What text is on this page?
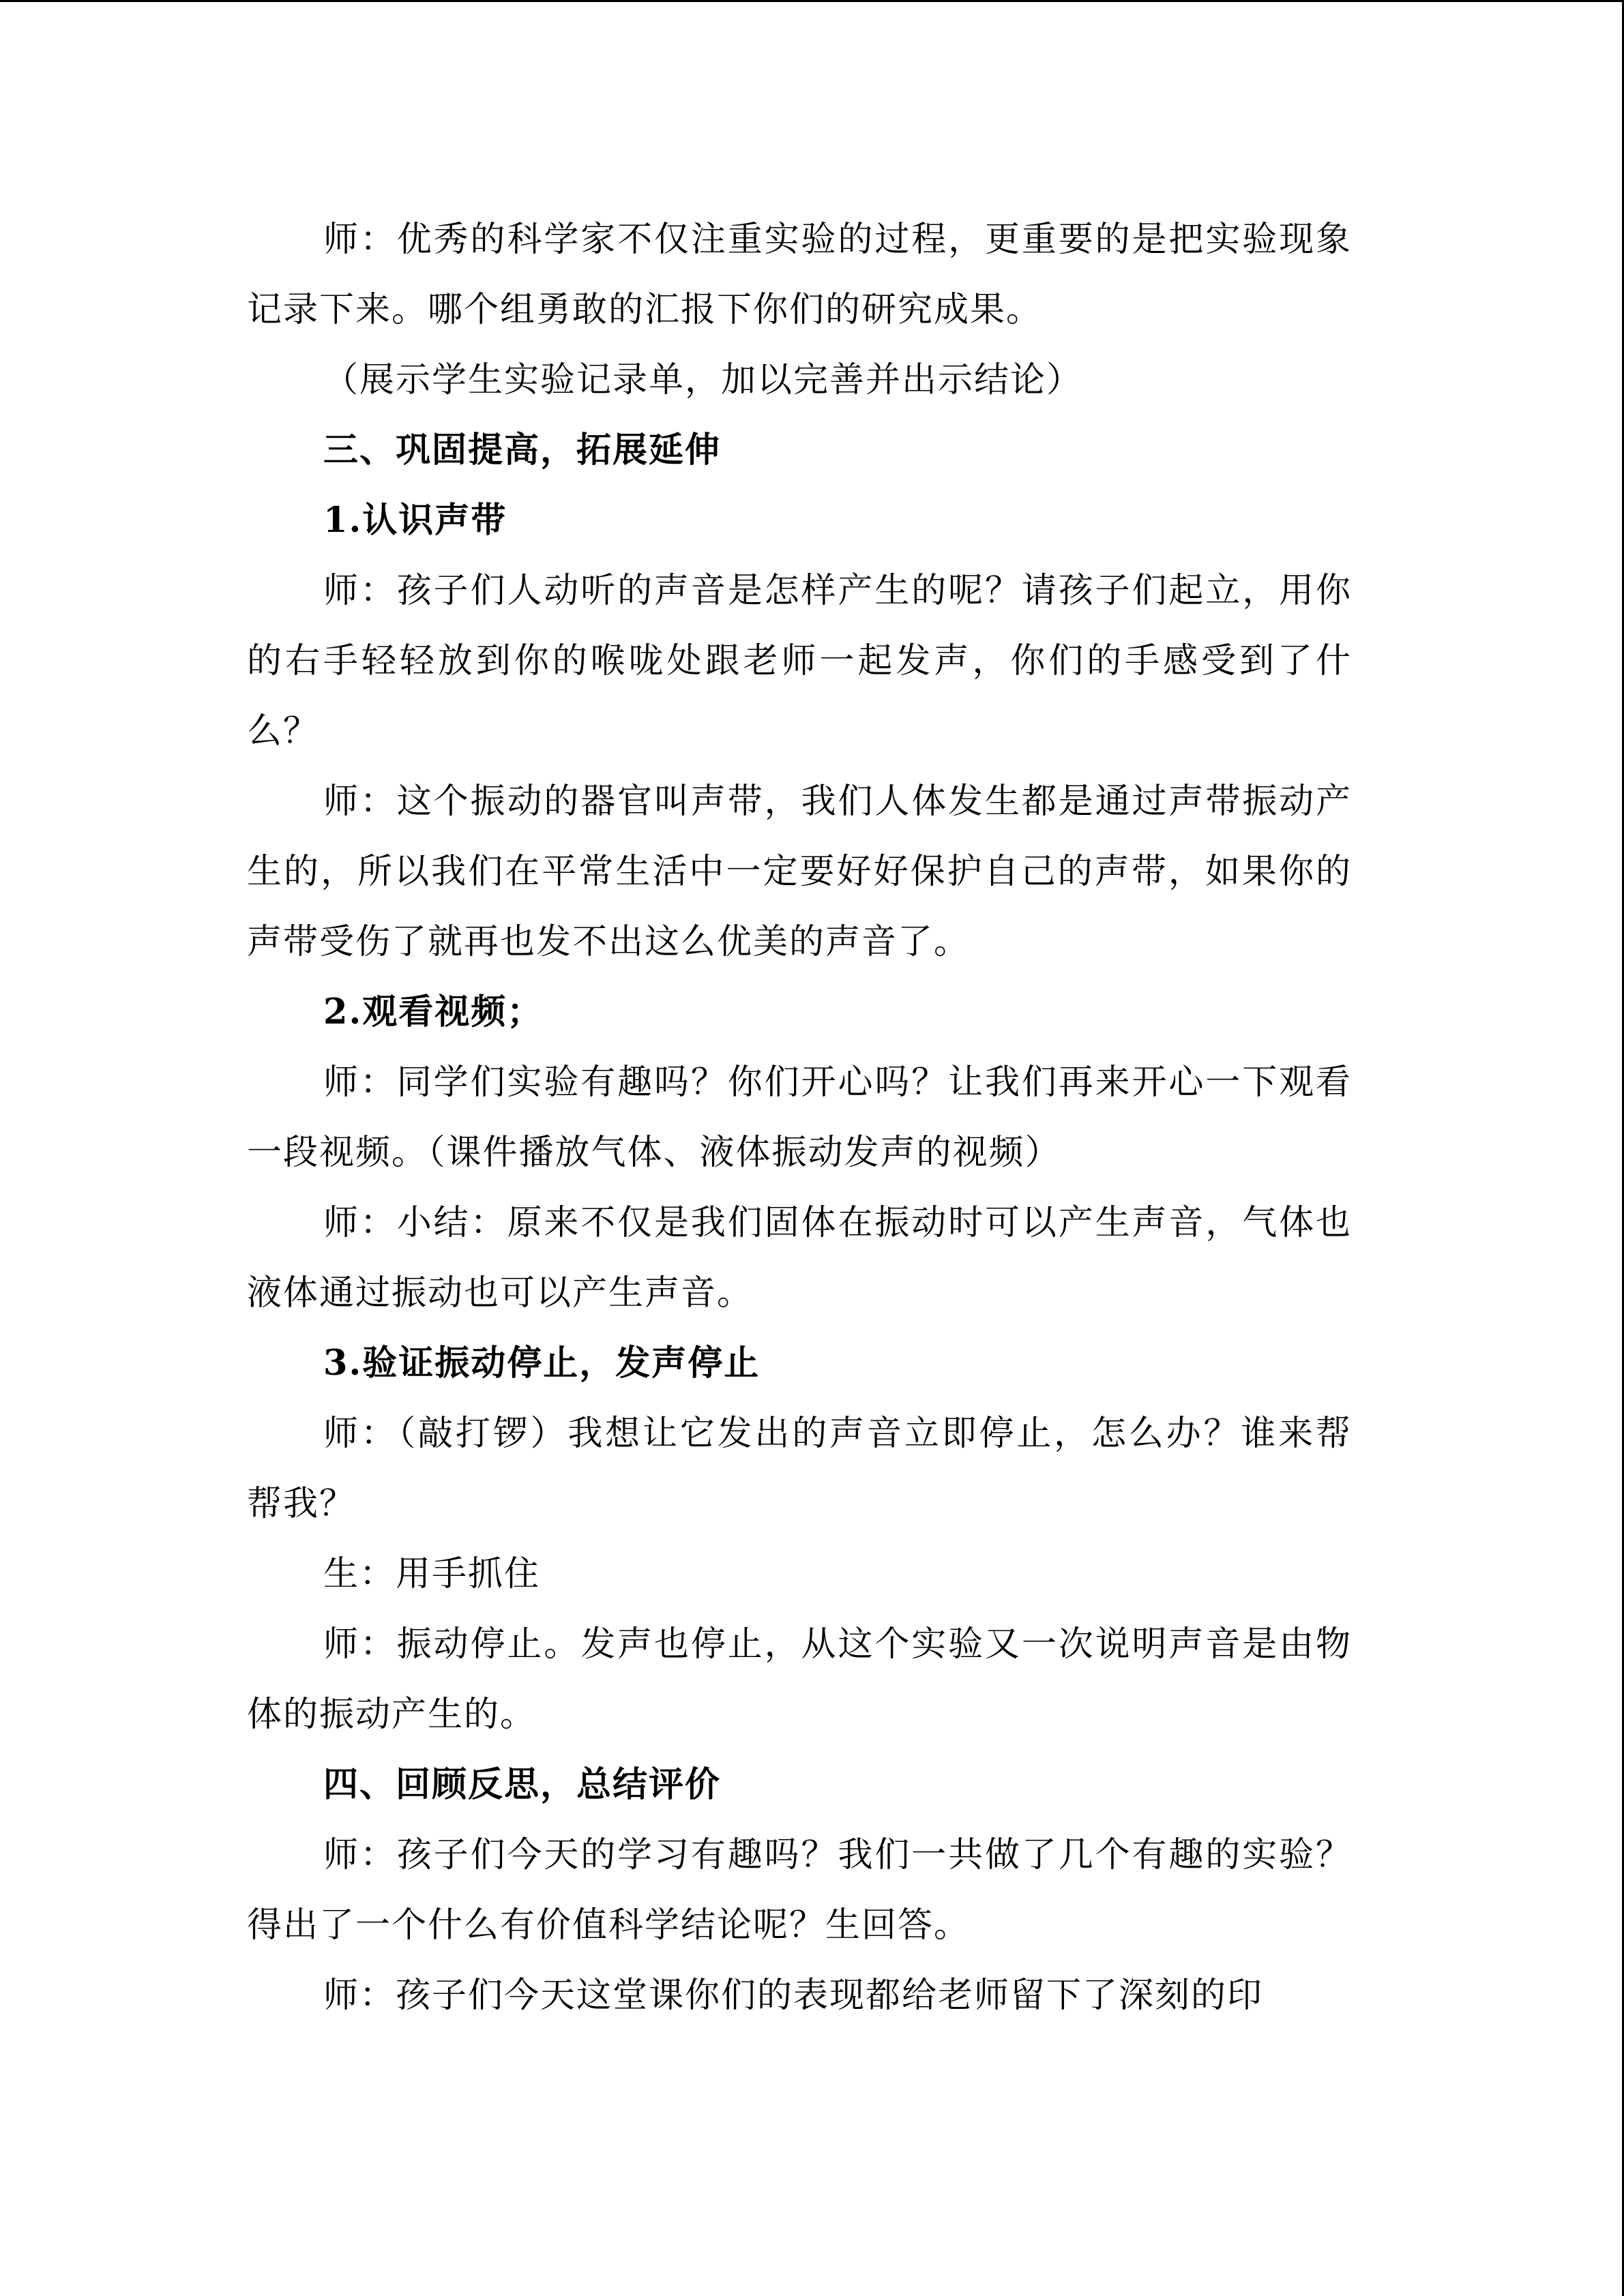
师：优秀的科学家不仅注重实验的过程，更重要的是把实验现象记录下来。哪个组勇敢的汇报下你们的研究成果。

（展示学生实验记录单，加以完善并出示结论）

三、巩固提高，拓展延伸

1.认识声带

师：孩子们人动听的声音是怎样产生的呢？请孩子们起立，用你的右手轻轻放到你的喉咙处跟老师一起发声，你们的手感受到了什么？

师：这个振动的器官叫声带，我们人体发生都是通过声带振动产生的，所以我们在平常生活中一定要好好保护自己的声带，如果你的声带受伤了就再也发不出这么优美的声音了。

2.观看视频；

师：同学们实验有趣吗？你们开心吗？让我们再来开心一下观看一段视频。（课件播放气体、液体振动发声的视频）

师：小结：原来不仅是我们固体在振动时可以产生声音，气体也液体通过振动也可以产生声音。

3.验证振动停止，发声停止

师：（敲打锣）我想让它发出的声音立即停止，怎么办？谁来帮帮我？

生：用手抓住

师：振动停止。发声也停止，从这个实验又一次说明声音是由物体的振动产生的。

四、回顾反思，总结评价

师：孩子们今天的学习有趣吗？我们一共做了几个有趣的实验？得出了一个什么有价值科学结论呢？生回答。

师：孩子们今天这堂课你们的表现都给老师留下了深刻的印
